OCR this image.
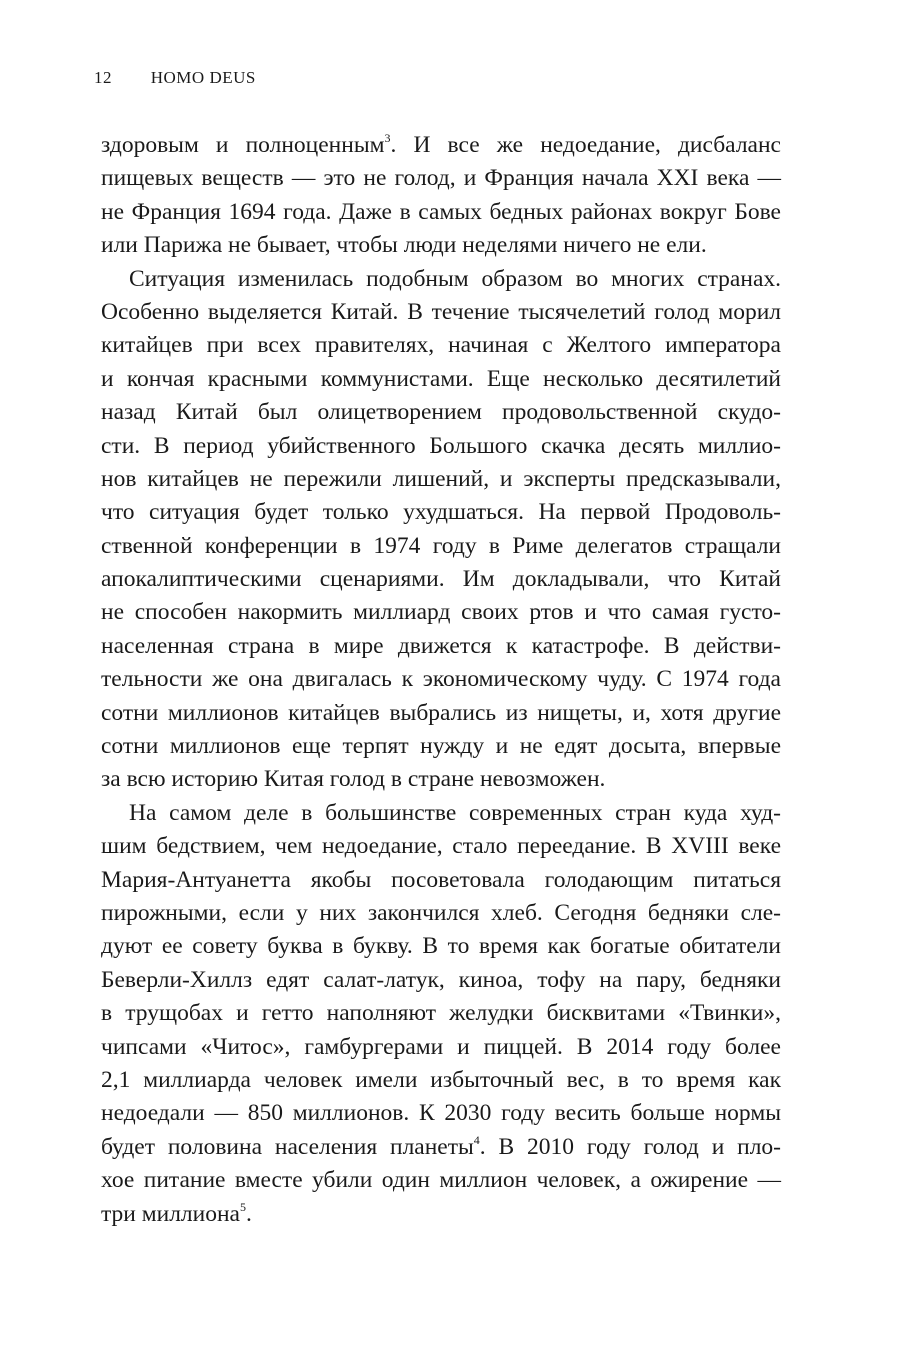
12 HOMO DEUS
здоровым и полноценным$^3$. И все же недоедание, дисбаланс
пищевых веществ — это не голод, и Франция начала XXI века —
не Франция 1694 года. Даже в самых бедных районах вокруг Бове
или Парижа не бывает, чтобы люди неделями ничего не ели.
Ситуация изменилась подобным образом во многих странах.
Особенно выделяется Китай. В течение тысячелетий голод морил
китайцев при всех правителях, начиная с Желтого императора
и кончая красными коммунистами. Еще несколько десятилетий
назад Китай был олицетворением продовольственной скудо-
сти. В период убийственного Большого скачка десять миллио-
нов китайцев не пережили лишений, и эксперты предсказывали,
что ситуация будет только ухудшаться. На первой Продоволь-
ственной конференции в 1974 году в Риме делегатов стращали
апокалиптическими сценариями. Им докладывали, что Китай
не способен накормить миллиард своих ртов и что самая густо-
населенная страна в мире движется к катастрофе. В действи-
тельности же она двигалась к экономическому чуду. С 1974 года
сотни миллионов китайцев выбрались из нищеты, и, хотя другие
сотни миллионов еще терпят нужду и не едят досыта, впервые
за всю историю Китая голод в стране невозможен.
На самом деле в большинстве современных стран куда худ-
шим бедствием, чем недоедание, стало переедание. В XVIII веке
Мария-Антуанетта якобы посоветовала голодающим питаться
пирожными, если у них закончился хлеб. Сегодня бедняки сле-
дуют ее совету буква в букву. В то время как богатые обитатели
Беверли-Хиллз едят салат-латук, киноа, тофу на пару, бедняки
в трущобах и гетто наполняют желудки бисквитами «Твинки»,
чипсами «Читос», гамбургерами и пиццей. В 2014 году более
2,1 миллиарда человек имели избыточный вес, в то время как
недоедали — 850 миллионов. К 2030 году весить больше нормы
будет половина населения планеты$^4$. В 2010 году голод и пло-
хое питание вместе убили один миллион человек, а ожирение —
три миллиона$^5$.
